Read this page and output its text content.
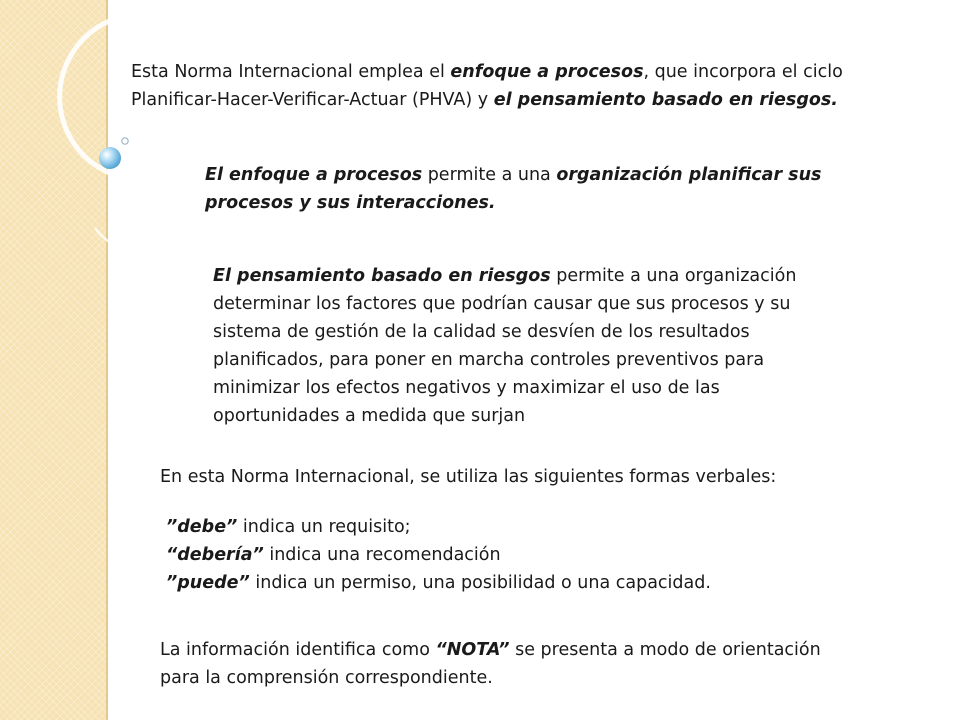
Esta Norma Internacional emplea el enfoque a procesos, que incorpora el ciclo

Planificar-Hacer-Verificar-Actuar (PHVA) y el pensamiento basado en riesgos.

El enfoque a procesos permite a una organización planificar sus

procesos y sus interacciones.

El pensamiento basado en riesgos permite a una organización

determinar los factores que podrían causar que sus procesos y su

sistema de gestión de la calidad se desvíen de los resultados

planificados, para poner en marcha controles preventivos para

minimizar los efectos negativos y maximizar el uso de las

oportunidades a medida que surjan

En esta Norma Internacional, se utiliza las siguientes formas verbales:

”debe” indica un requisito;

“debería” indica una recomendación

”puede” indica un permiso, una posibilidad o una capacidad.

La información identifica como “NOTA” se presenta a modo de orientación

para la comprensión correspondiente.
